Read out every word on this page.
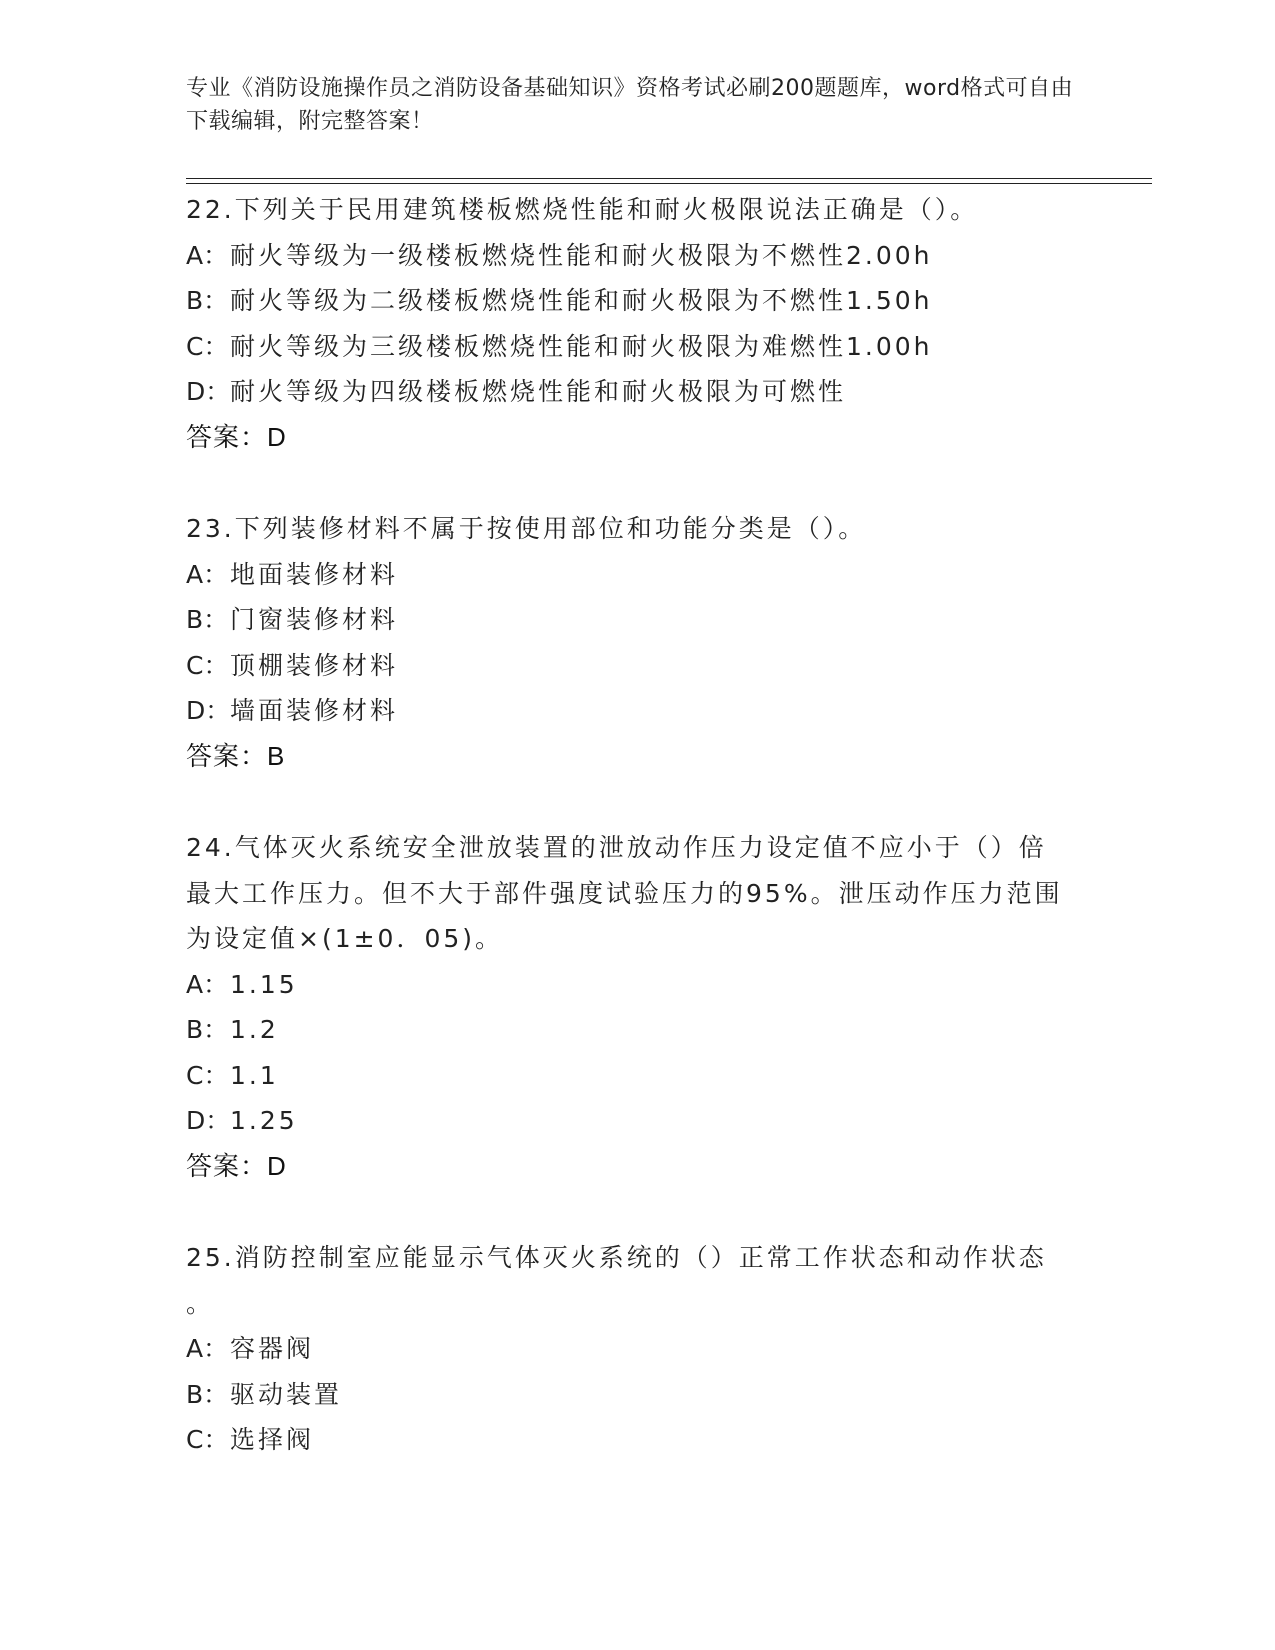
专业《消防设施操作员之消防设备基础知识》资格考试必刷200题题库，word格式可自由下载编辑，附完整答案！

22.下列关于民用建筑楼板燃烧性能和耐火极限说法正确是（）。

A：耐火等级为一级楼板燃烧性能和耐火极限为不燃性2.00h

B：耐火等级为二级楼板燃烧性能和耐火极限为不燃性1.50h

C：耐火等级为三级楼板燃烧性能和耐火极限为难燃性1.00h

D：耐火等级为四级楼板燃烧性能和耐火极限为可燃性

答案：D

23.下列装修材料不属于按使用部位和功能分类是（）。

A：地面装修材料

B：门窗装修材料

C：顶棚装修材料

D：墙面装修材料

答案：B

24.气体灭火系统安全泄放装置的泄放动作压力设定值不应小于（）倍

最大工作压力。但不大于部件强度试验压力的95%。泄压动作压力范围

为设定值×(1±0．05)。

A：1.15

B：1.2

C：1.1

D：1.25

答案：D

25.消防控制室应能显示气体灭火系统的（）正常工作状态和动作状态

。

A：容器阀

B：驱动装置

C：选择阀
